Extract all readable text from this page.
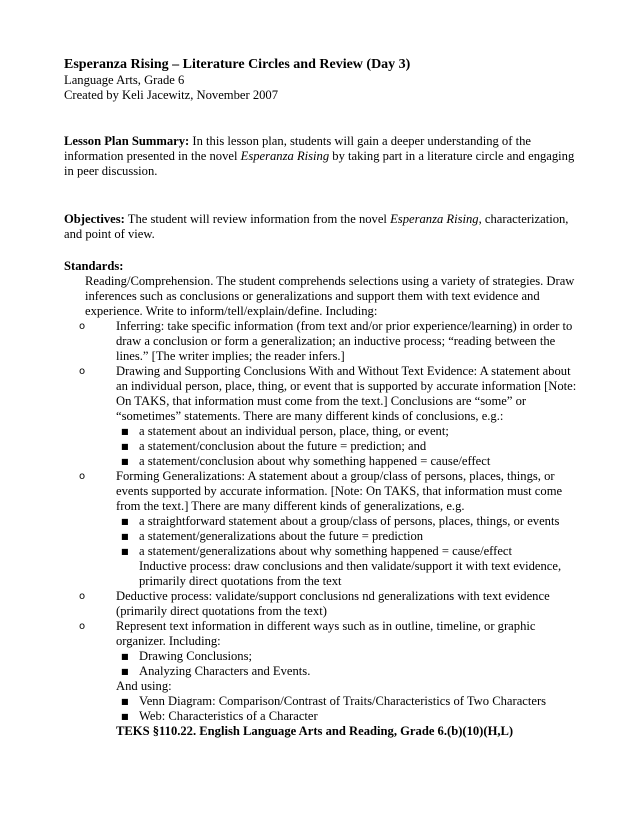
Esperanza Rising – Literature Circles and Review (Day 3)
Language Arts, Grade 6
Created by Keli Jacewitz, November 2007
Lesson Plan Summary: In this lesson plan, students will gain a deeper understanding of the information presented in the novel Esperanza Rising by taking part in a literature circle and engaging in peer discussion.
Objectives: The student will review information from the novel Esperanza Rising, characterization, and point of view.
Standards:
Reading/Comprehension. The student comprehends selections using a variety of strategies. Draw inferences such as conclusions or generalizations and support them with text evidence and experience. Write to inform/tell/explain/define. Including:
o Inferring: take specific information (from text and/or prior experience/learning) in order to draw a conclusion or form a generalization; an inductive process; “reading between the lines.” [The writer implies; the reader infers.]
o Drawing and Supporting Conclusions With and Without Text Evidence: A statement about an individual person, place, thing, or event that is supported by accurate information [Note: On TAKS, that information must come from the text.] Conclusions are “some” or “sometimes” statements. There are many different kinds of conclusions, e.g.:
■ a statement about an individual person, place, thing, or event;
■ a statement/conclusion about the future = prediction; and
■ a statement/conclusion about why something happened = cause/effect
o Forming Generalizations: A statement about a group/class of persons, places, things, or events supported by accurate information. [Note: On TAKS, that information must come from the text.] There are many different kinds of generalizations, e.g.
■ a straightforward statement about a group/class of persons, places, things, or events
■ a statement/generalizations about the future = prediction
■ a statement/generalizations about why something happened = cause/effect
Inductive process: draw conclusions and then validate/support it with text evidence, primarily direct quotations from the text
o Deductive process: validate/support conclusions nd generalizations with text evidence (primarily direct quotations from the text)
o Represent text information in different ways such as in outline, timeline, or graphic organizer. Including:
■ Drawing Conclusions;
■ Analyzing Characters and Events.
And using:
■ Venn Diagram: Comparison/Contrast of Traits/Characteristics of Two Characters
■ Web: Characteristics of a Character
TEKS §110.22. English Language Arts and Reading, Grade 6.(b)(10)(H,L)
